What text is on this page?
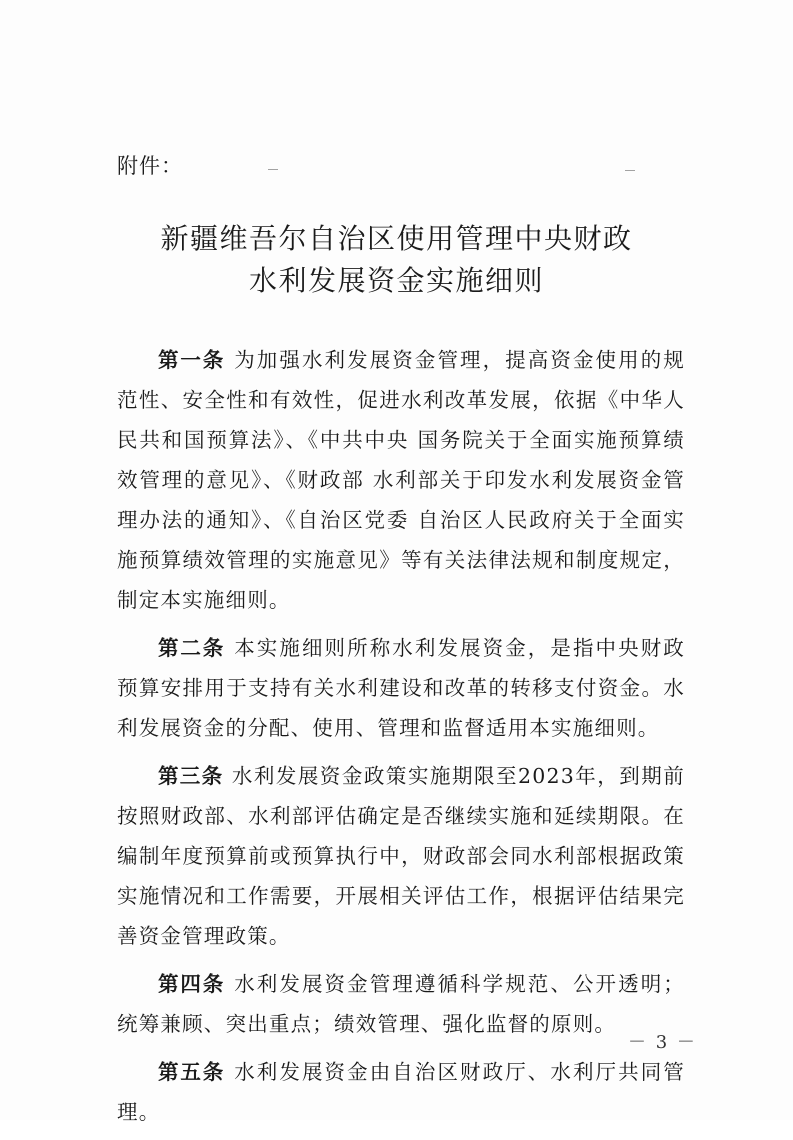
附件：
新疆维吾尔自治区使用管理中央财政
水利发展资金实施细则

第一条 为加强水利发展资金管理，提高资金使用的规范性、安全性和有效性，促进水利改革发展，依据《中华人民共和国预算法》、《中共中央 国务院关于全面实施预算绩效管理的意见》、《财政部 水利部关于印发水利发展资金管理办法的通知》、《自治区党委 自治区人民政府关于全面实施预算绩效管理的实施意见》等有关法律法规和制度规定，制定本实施细则。

第二条 本实施细则所称水利发展资金，是指中央财政预算安排用于支持有关水利建设和改革的转移支付资金。水利发展资金的分配、使用、管理和监督适用本实施细则。

第三条 水利发展资金政策实施期限至2023年，到期前按照财政部、水利部评估确定是否继续实施和延续期限。在编制年度预算前或预算执行中，财政部会同水利部根据政策实施情况和工作需要，开展相关评估工作，根据评估结果完善资金管理政策。

第四条 水利发展资金管理遵循科学规范、公开透明；统筹兼顾、突出重点；绩效管理、强化监督的原则。

第五条 水利发展资金由自治区财政厅、水利厅共同管理。

－ 3 －
